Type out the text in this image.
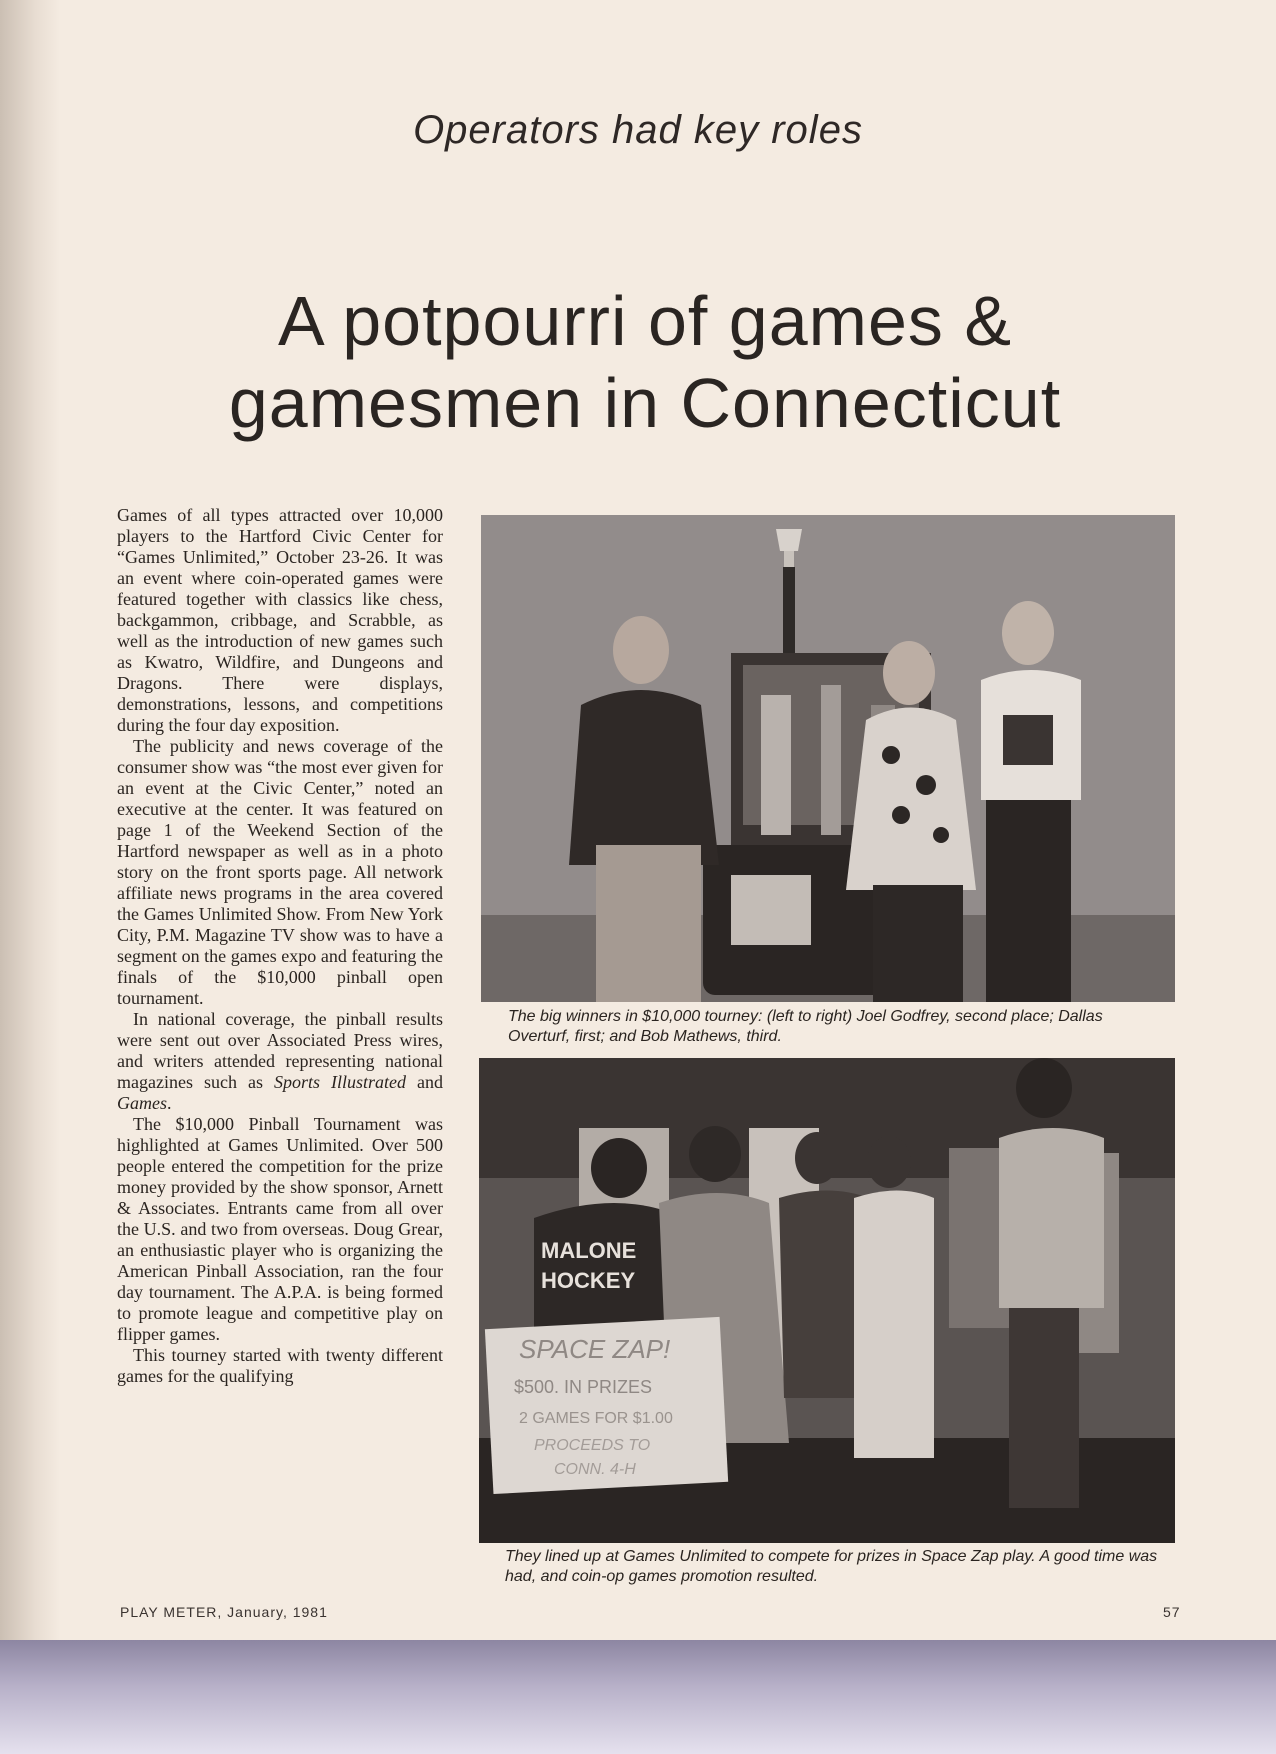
Operators had key roles
A potpourri of games & gamesmen in Connecticut

Games of all types attracted over 10,000 players to the Hartford Civic Center for “Games Unlimited,” October 23-26. It was an event where coin-operated games were featured together with classics like chess, backgammon, cribbage, and Scrabble, as well as the introduction of new games such as Kwatro, Wildfire, and Dungeons and Dragons. There were displays, demonstrations, lessons, and competitions during the four day exposition.

The publicity and news coverage of the consumer show was “the most ever given for an event at the Civic Center,” noted an executive at the center. It was featured on page 1 of the Weekend Section of the Hartford newspaper as well as in a photo story on the front sports page. All network affiliate news programs in the area covered the Games Unlimited Show. From New York City, P.M. Magazine TV show was to have a segment on the games expo and featuring the finals of the $10,000 pinball open tournament.

In national coverage, the pinball results were sent out over Associated Press wires, and writers attended representing national magazines such as Sports Illustrated and Games.

The $10,000 Pinball Tournament was highlighted at Games Unlimited. Over 500 people entered the competition for the prize money provided by the show sponsor, Arnett & Associates. Entrants came from all over the U.S. and two from overseas. Doug Grear, an enthusiastic player who is organizing the American Pinball Association, ran the four day tournament. The A.P.A. is being formed to promote league and competitive play on flipper games.

This tourney started with twenty different games for the qualifying

The big winners in $10,000 tourney: (left to right) Joel Godfrey, second place; Dallas Overturf, first; and Bob Mathews, third.
MALONE
HOCKEY
SPACE ZAP!
$500. IN PRIZES
2 GAMES FOR $1.00
PROCEEDS TO
CONN. 4-H
They lined up at Games Unlimited to compete for prizes in Space Zap play. A good time was had, and coin-op games promotion resulted.
PLAY METER, January, 1981	57
